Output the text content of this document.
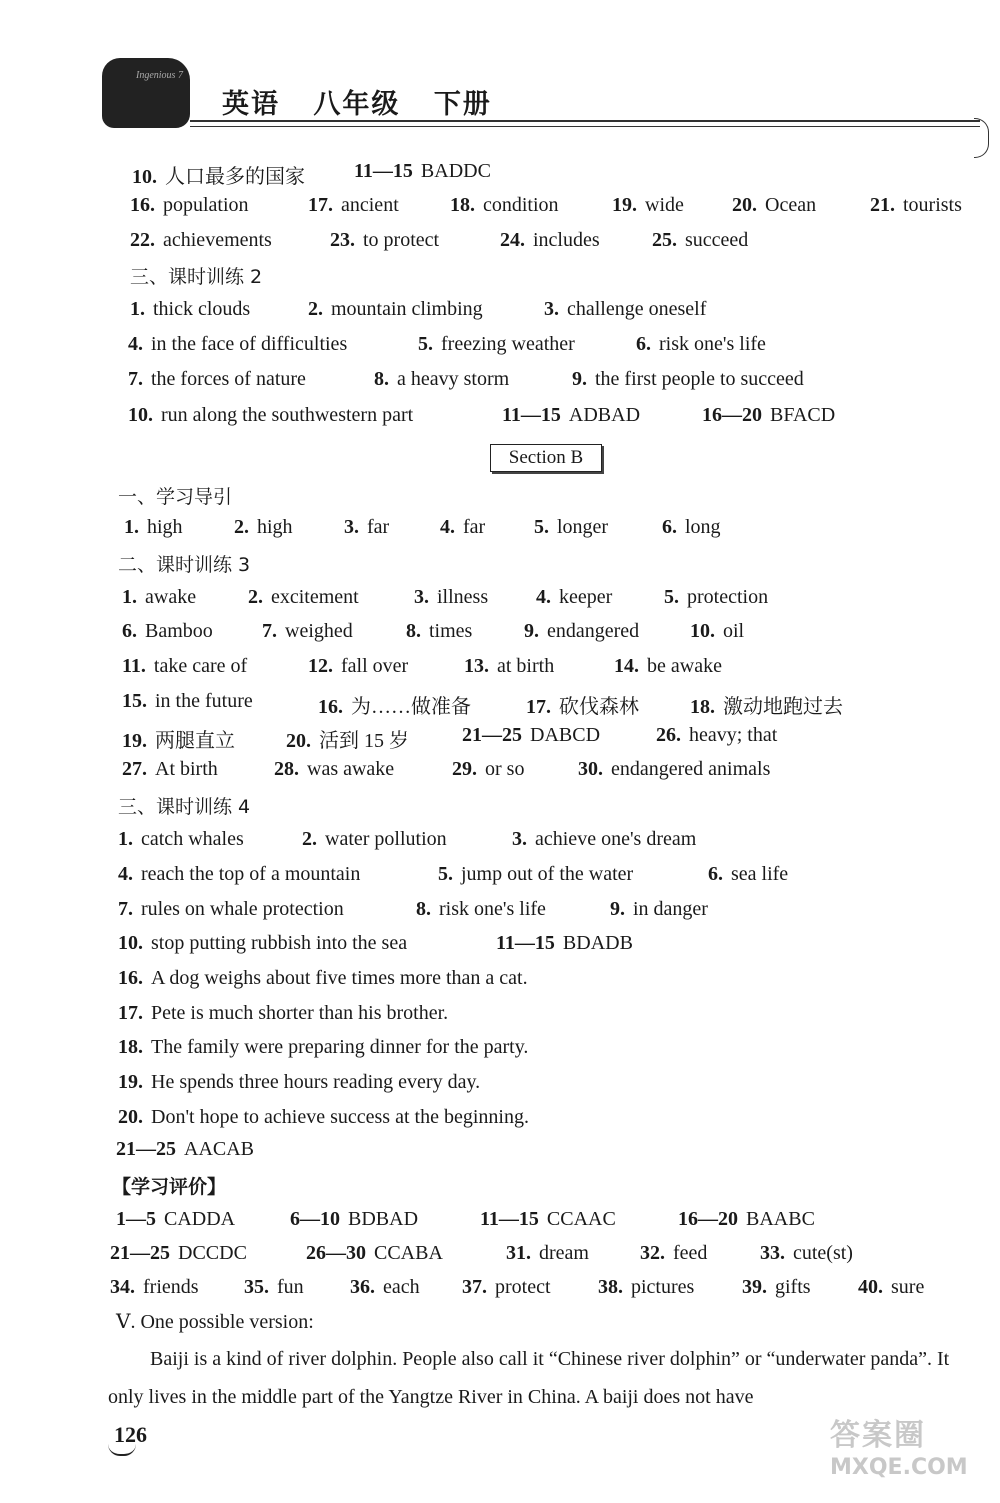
Ingenious 7
英语 八年级 下册
10. 人口最多的国家 11—15 BADDC
16. population	17. ancient	18. condition	19. wide 20. Ocean	21. tourists
22. achievements	23. to protect	24. includes	25. succeed
三、课时训练 2
1. thick clouds	2. mountain climbing	3. challenge oneself
4. in the face of difficulties	5. freezing weather	6. risk one's life
7. the forces of nature	8. a heavy storm	9. the first people to succeed
10. run along the southwestern part	11—15 ADBAD	16—20 BFACD
Section B
一、学习导引
1. high	2. high	3. far	4. far 5. longer	6. long
二、课时训练 3
1. awake	2. excitement	3. illness 4. keeper	5. protection
6. Bamboo 7. weighed	8. times	9. endangered	10. oil
11. take care of	12. fall over	13. at birth	14. be awake
15. in the future	16. 为……做准备	17. 砍伐森林	18. 激动地跑过去
19. 两腿直立	20. 活到 15 岁	21—25 DABCD	26. heavy; that
27. At birth	28. was awake	29. or so	30. endangered animals
三、课时训练 4
1. catch whales	2. water pollution	3. achieve one's dream
4. reach the top of a mountain	5. jump out of the water	6. sea life
7. rules on whale protection	8. risk one's life	9. in danger
10. stop putting rubbish into the sea	11—15 BDADB
16. A dog weighs about five times more than a cat.
17. Pete is much shorter than his brother.
18. The family were preparing dinner for the party.
19. He spends three hours reading every day.
20. Don't hope to achieve success at the beginning.
21—25 AACAB
【学习评价】
1—5 CADDA	6—10 BDBAD	11—15 CCAAC	16—20 BAABC
21—25 DCCDC	26—30 CCABA	31. dream	32. feed	33. cute(st)
34. friends 35. fun 36. each 37. protect 38. pictures 39. gifts 40. sure
Ⅴ. One possible version:
Baiji is a kind of river dolphin. People also call it “Chinese river dolphin” or “underwater panda”. It only lives in the middle part of the Yangtze River in China. A baiji does not have
126	答案圈
MXQE.COM
